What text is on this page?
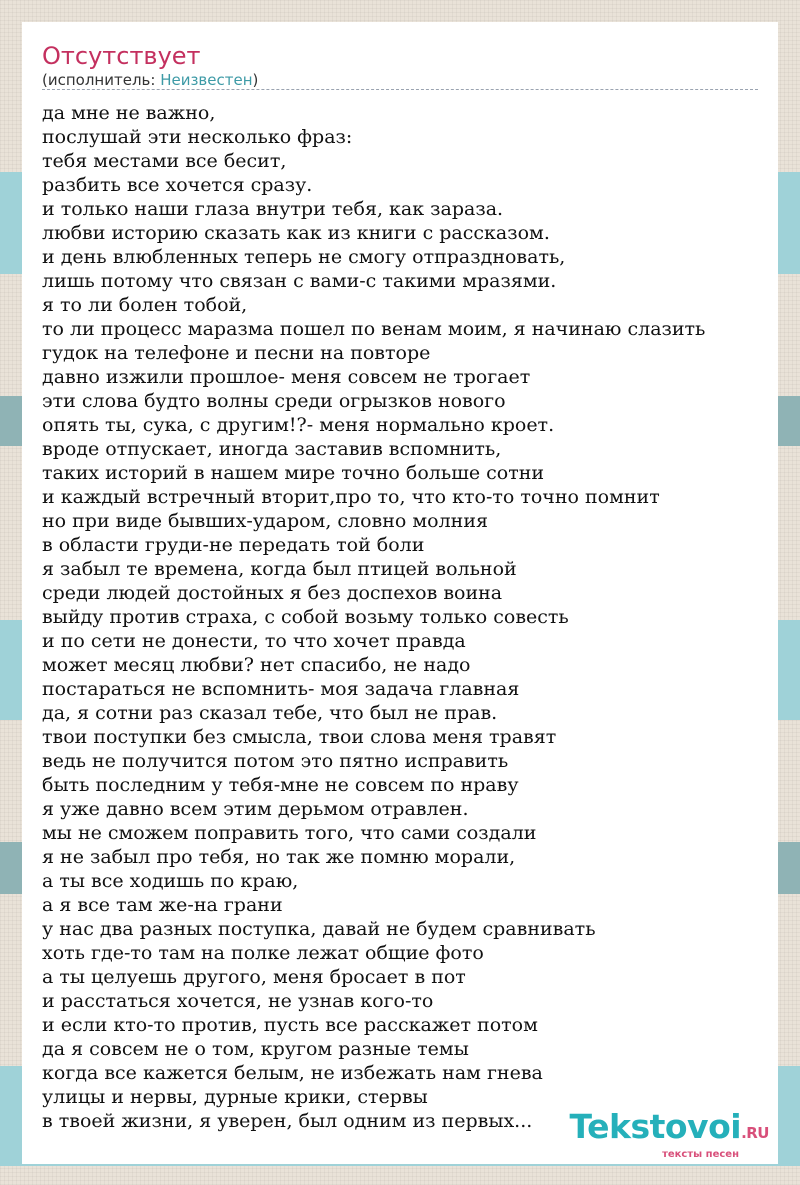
Отсутствует
(исполнитель: Неизвестен)
да мне не важно,
послушай эти несколько фраз:
тебя местами все бесит,
разбить все хочется сразу.
и только наши глаза внутри тебя, как зараза.
любви историю сказать как из книги с рассказом.
и день влюбленных теперь не смогу отпраздновать,
лишь потому что связан с вами-с такими мразями.
я то ли болен тобой,
то ли процесс маразма пошел по венам моим, я начинаю слазить
гудок на телефоне и песни на повторе
давно изжили прошлое- меня совсем не трогает
эти слова будто волны среди огрызков нового
опять ты, сука, с другим!?- меня нормально кроет.
вроде отпускает, иногда заставив вспомнить,
таких историй в нашем мире точно больше сотни
и каждый встречный вторит,про то, что кто-то точно помнит
но при виде бывших-ударом, словно молния
в области груди-не передать той боли
я забыл те времена, когда был птицей вольной
среди людей достойных я без доспехов воина
выйду против страха, с собой возьму только совесть
и по сети не донести, то что хочет правда
может месяц любви? нет спасибо, не надо
постараться не вспомнить- моя задача главная
да, я сотни раз сказал тебе, что был не прав.
твои поступки без смысла, твои слова меня травят
ведь не получится потом это пятно исправить
быть последним у тебя-мне не совсем по нраву
я уже давно всем этим дерьмом отравлен.
мы не сможем поправить того, что сами создали
я не забыл про тебя, но так же помню морали,
а ты все ходишь по краю,
а я все там же-на грани
у нас два разных поступка, давай не будем сравнивать
хоть где-то там на полке лежат общие фото
а ты целуешь другого, меня бросает в пот
и расстаться хочется, не узнав кого-то
и если кто-то против, пусть все расскажет потом
да я совсем не о том, кругом разные темы
когда все кажется белым, не избежать нам гнева
улицы и нервы, дурные крики, стервы
в твоей жизни, я уверен, был одним из первых...	Tekstovoi.RU
тексты песен
